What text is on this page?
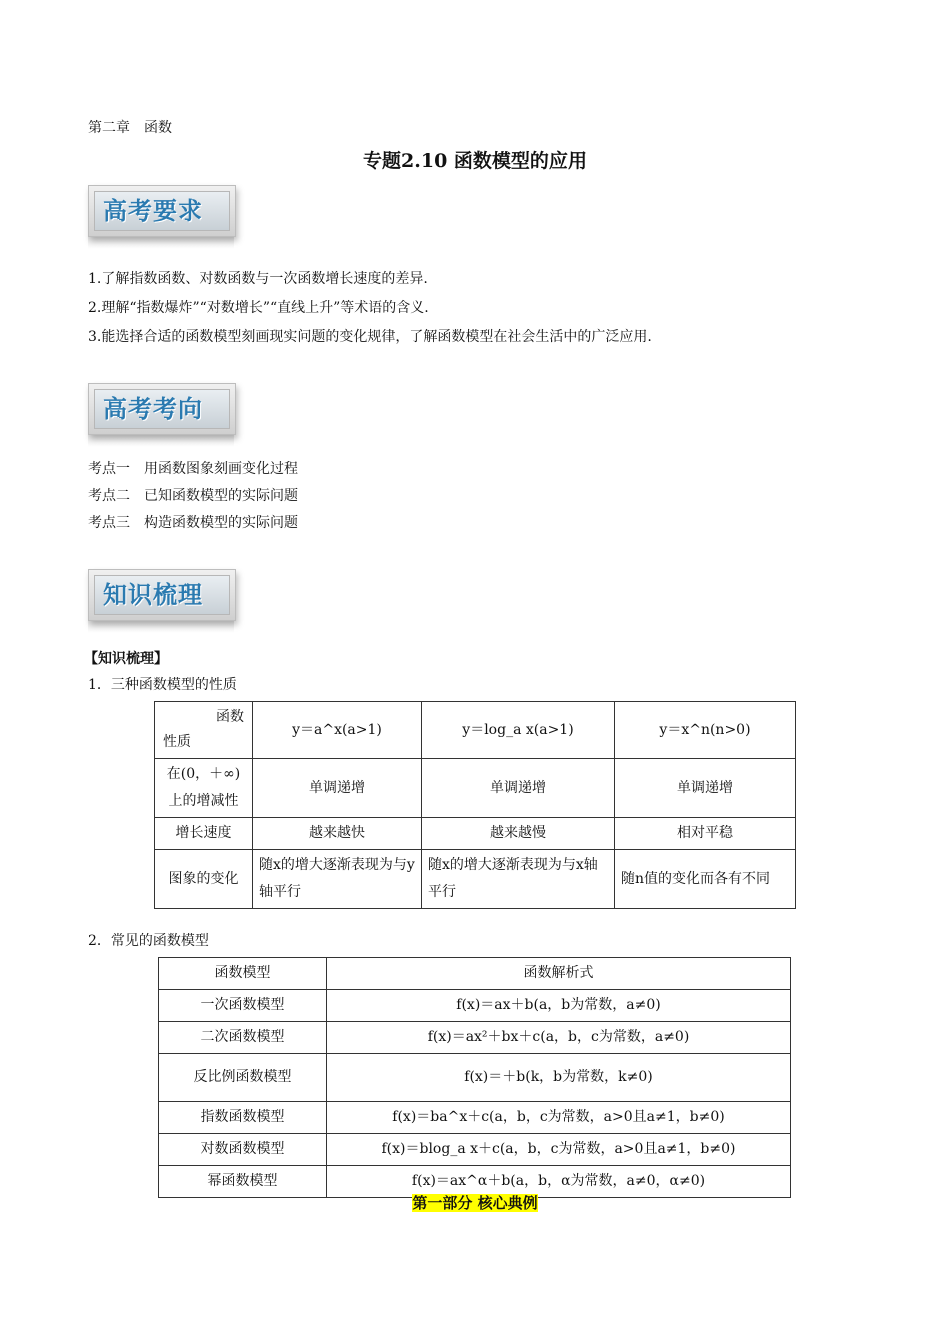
第二章　函数
专题2.10 函数模型的应用
高考要求
1.了解指数函数、对数函数与一次函数增长速度的差异.
2.理解“指数爆炸”“对数增长”“直线上升”等术语的含义.
3.能选择合适的函数模型刻画现实问题的变化规律，了解函数模型在社会生活中的广泛应用.
高考考向
考点一　用函数图象刻画变化过程
考点二　已知函数模型的实际问题
考点三　构造函数模型的实际问题
知识梳理
【知识梳理】
1．三种函数模型的性质
函数
性质	y＝a^x(a>1)	y＝log_a x(a>1)	y＝x^n(n>0)
在(0，＋∞)上的增减性	单调递增	单调递增	单调递增
增长速度	越来越快	越来越慢	相对平稳
图象的变化	随x的增大逐渐表现为与y轴平行	随x的增大逐渐表现为与x轴平行	随n值的变化而各有不同
2．常见的函数模型
函数模型	函数解析式
一次函数模型	f(x)＝ax＋b(a，b为常数，a≠0)
二次函数模型	f(x)＝ax²＋bx＋c(a，b，c为常数，a≠0)
反比例函数模型	f(x)＝＋b(k，b为常数，k≠0)
指数函数模型	f(x)＝ba^x＋c(a，b，c为常数，a>0且a≠1，b≠0)
对数函数模型	f(x)＝blog_a x＋c(a，b，c为常数，a>0且a≠1，b≠0)
幂函数模型	f(x)＝ax^α＋b(a，b，α为常数，a≠0，α≠0)
第一部分 核心典例
